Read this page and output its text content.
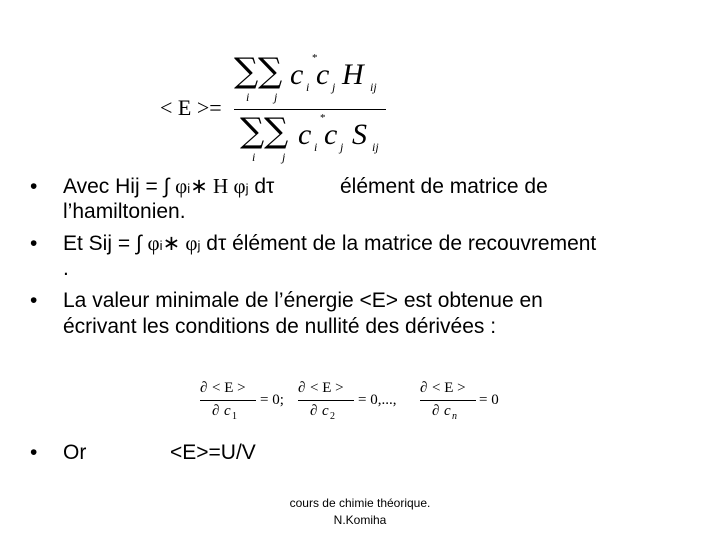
< E >=
∑ ∑
i j
*
c i c j H ij
∑ ∑
i j
*
c i c j S ij
• Avec Hij = ∫ φi∗ H φj dτ	élément de matrice de
l’hamiltonien.
• Et Sij = ∫ φi∗ φj dτ élément de la matrice de recouvrement
.
• La valeur minimale de l’énergie <E> est obtenue en
écrivant les conditions de nullité des dérivées :
∂ < E >
∂ c 1
= 0;
∂ < E >
∂ c 2
= 0,...,
∂ < E >
∂ c n
= 0
• Or	<E>=U/V
cours de chimie théorique.
N.Komiha
